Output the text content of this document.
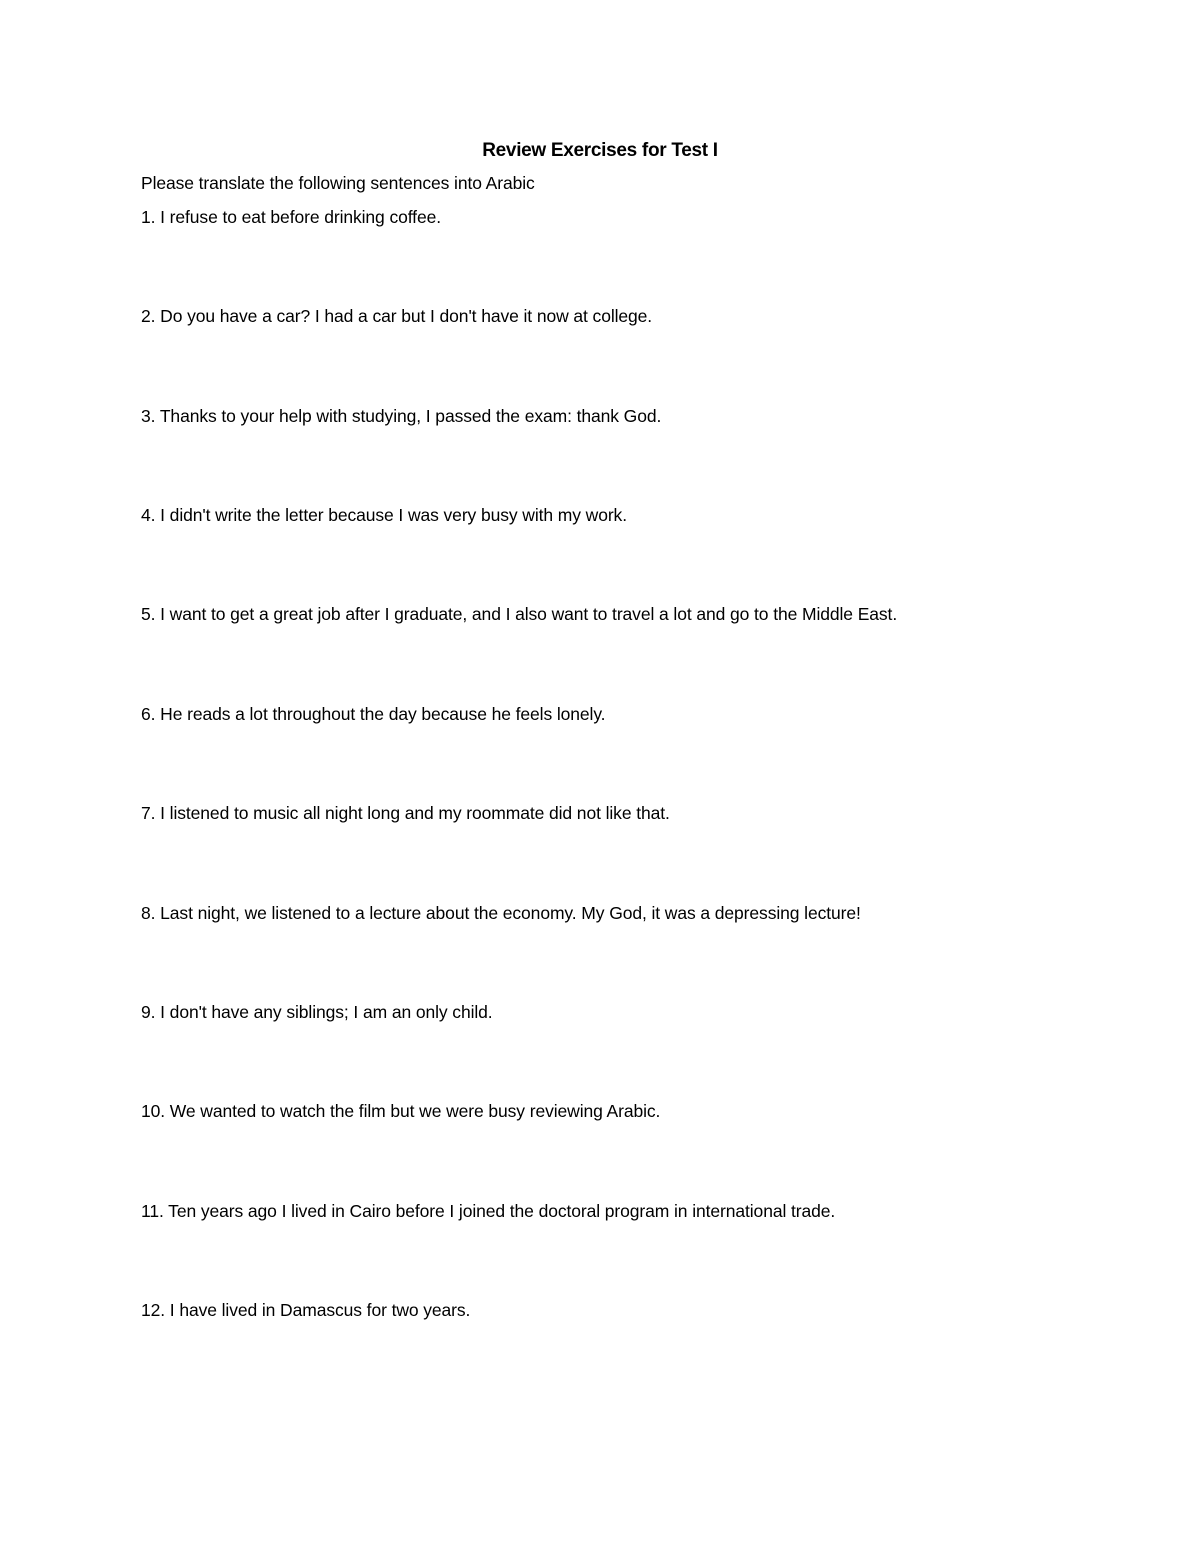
Review Exercises for Test I
Please translate the following sentences into Arabic
1. I refuse to eat before drinking coffee.
2. Do you have a car? I had a car but I don't have it now at college.
3. Thanks to your help with studying, I passed the exam: thank God.
4. I didn't write the letter because I was very busy with my work.
5. I want to get a great job after I graduate, and I also want to travel a lot and go to the Middle East.
6. He reads a lot throughout the day because he feels lonely.
7. I listened to music all night long and my roommate did not like that.
8. Last night, we listened to a lecture about the economy. My God, it was a depressing lecture!
9. I don't have any siblings; I am an only child.
10. We wanted to watch the film but we were busy reviewing Arabic.
11. Ten years ago I lived in Cairo before I joined the doctoral program in international trade.
12. I have lived in Damascus for two years.
